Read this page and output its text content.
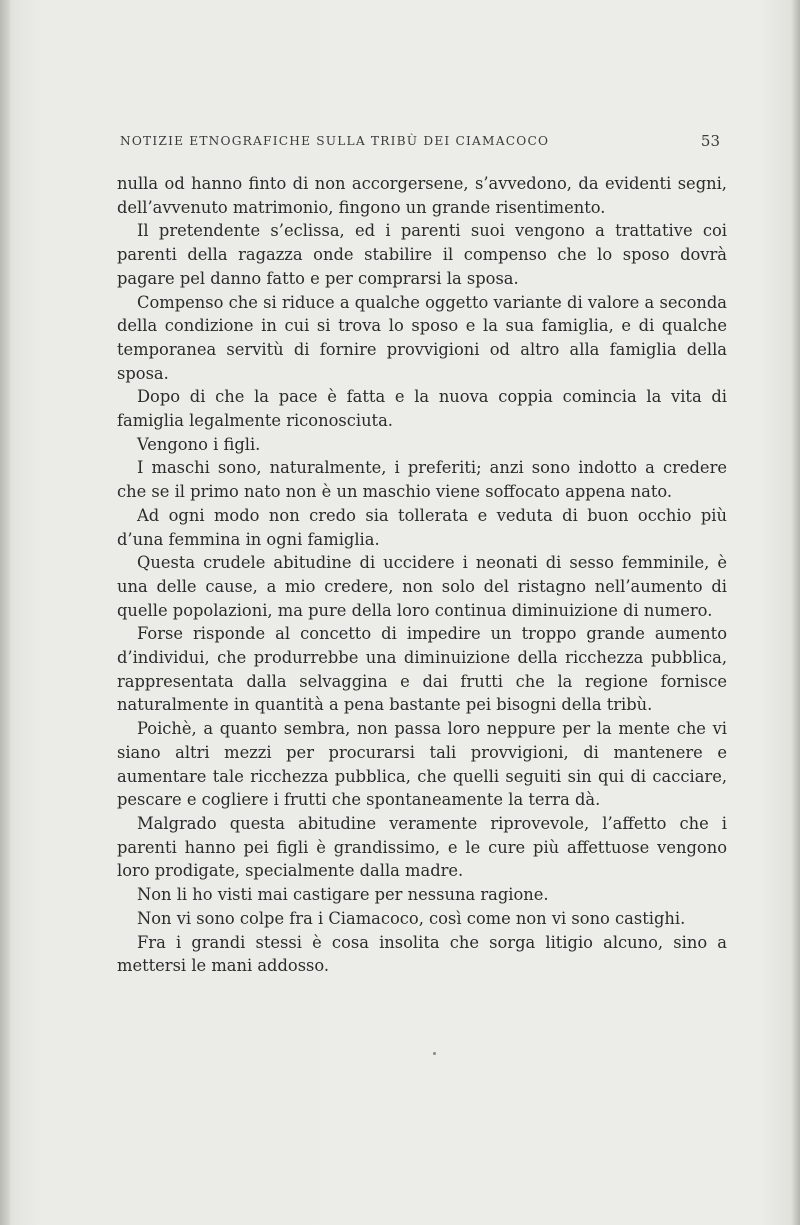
NOTIZIE ETNOGRAFICHE SULLA TRIBÙ DEI CIAMACOCO	53

nulla od hanno finto di non accorgersene, s’avvedono, da evidenti segni, dell’avvenuto matrimonio, fingono un grande risentimento.

Il pretendente s’eclissa, ed i parenti suoi vengono a trattative coi parenti della ragazza onde stabilire il compenso che lo sposo dovrà pagare pel danno fatto e per comprarsi la sposa.

Compenso che si riduce a qualche oggetto variante di valore a seconda della condizione in cui si trova lo sposo e la sua famiglia, e di qualche temporanea servitù di fornire provvigioni od altro alla famiglia della sposa.

Dopo di che la pace è fatta e la nuova coppia comincia la vita di famiglia legalmente riconosciuta.

Vengono i figli.

I maschi sono, naturalmente, i preferiti; anzi sono indotto a credere che se il primo nato non è un maschio viene soffocato appena nato.

Ad ogni modo non credo sia tollerata e veduta di buon occhio più d’una femmina in ogni famiglia.

Questa crudele abitudine di uccidere i neonati di sesso femminile, è una delle cause, a mio credere, non solo del ristagno nell’aumento di quelle popolazioni, ma pure della loro continua diminuizione di numero.

Forse risponde al concetto di impedire un troppo grande aumento d’individui, che produrrebbe una diminuizione della ricchezza pubblica, rappresentata dalla selvaggina e dai frutti che la regione fornisce naturalmente in quantità a pena bastante pei bisogni della tribù.

Poichè, a quanto sembra, non passa loro neppure per la mente che vi siano altri mezzi per procurarsi tali provvigioni, di mantenere e aumentare tale ricchezza pubblica, che quelli seguiti sin qui di cacciare, pescare e cogliere i frutti che spontaneamente la terra dà.

Malgrado questa abitudine veramente riprovevole, l’affetto che i parenti hanno pei figli è grandissimo, e le cure più affettuose vengono loro prodigate, specialmente dalla madre.

Non li ho visti mai castigare per nessuna ragione.

Non vi sono colpe fra i Ciamacoco, così come non vi sono castighi.

Fra i grandi stessi è cosa insolita che sorga litigio alcuno, sino a mettersi le mani addosso.
